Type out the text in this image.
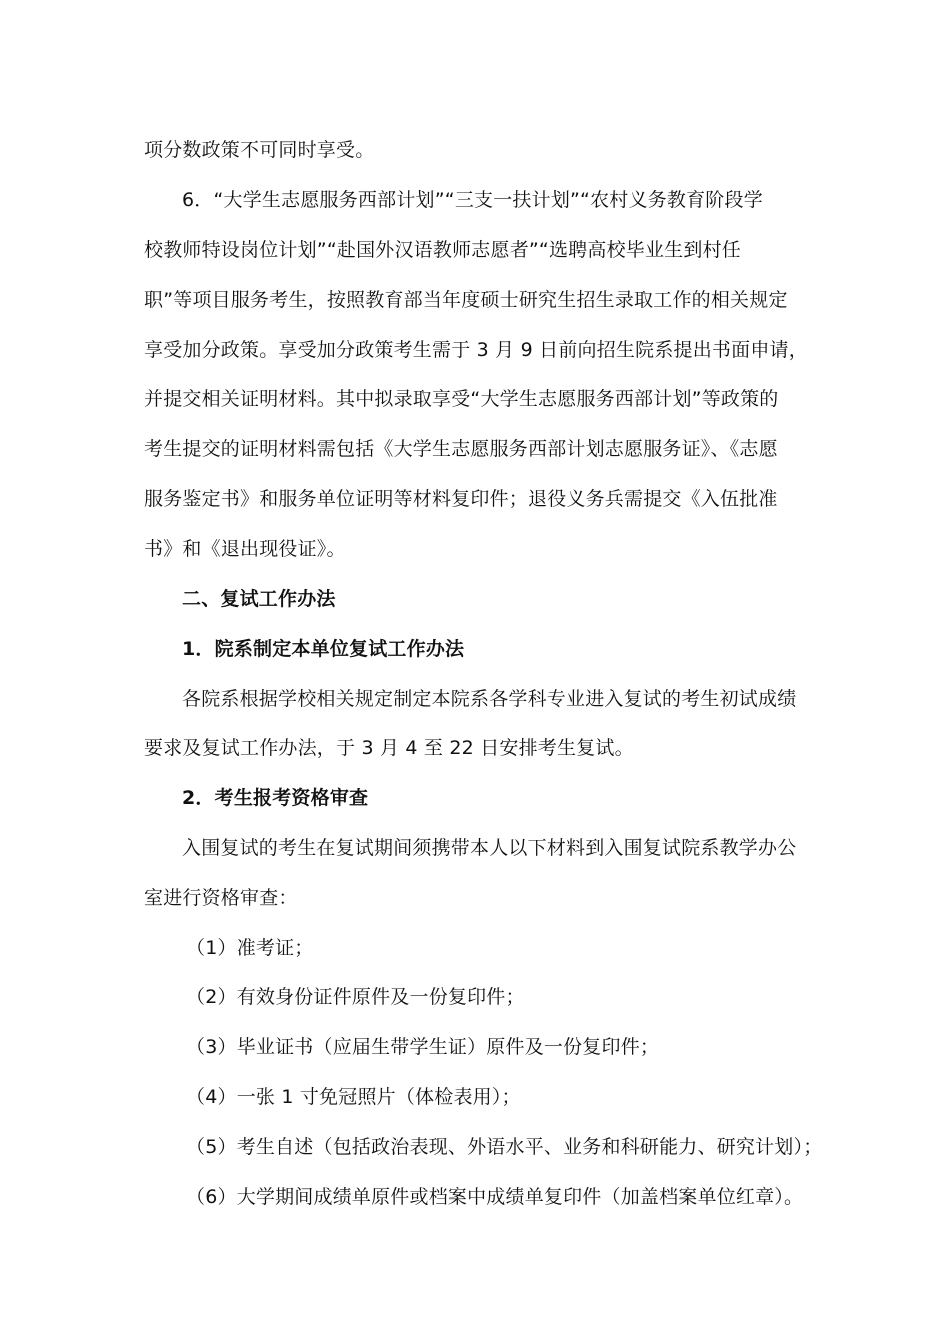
项分数政策不可同时享受。
6．“大学生志愿服务西部计划”“三支一扶计划”“农村义务教育阶段学
校教师特设岗位计划”“赴国外汉语教师志愿者”“选聘高校毕业生到村任
职”等项目服务考生，按照教育部当年度硕士研究生招生录取工作的相关规定
享受加分政策。享受加分政策考生需于 3 月 9 日前向招生院系提出书面申请，
并提交相关证明材料。其中拟录取享受“大学生志愿服务西部计划”等政策的
考生提交的证明材料需包括《大学生志愿服务西部计划志愿服务证》、《志愿
服务鉴定书》和服务单位证明等材料复印件；退役义务兵需提交《入伍批准
书》和《退出现役证》。
二、复试工作办法
1．院系制定本单位复试工作办法
各院系根据学校相关规定制定本院系各学科专业进入复试的考生初试成绩
要求及复试工作办法，于 3 月 4 至 22 日安排考生复试。
2．考生报考资格审查
入围复试的考生在复试期间须携带本人以下材料到入围复试院系教学办公
室进行资格审查：
（1）准考证；
（2）有效身份证件原件及一份复印件；
（3）毕业证书（应届生带学生证）原件及一份复印件；
（4）一张 1 寸免冠照片（体检表用）；
（5）考生自述（包括政治表现、外语水平、业务和科研能力、研究计划）；
（6）大学期间成绩单原件或档案中成绩单复印件（加盖档案单位红章）。
